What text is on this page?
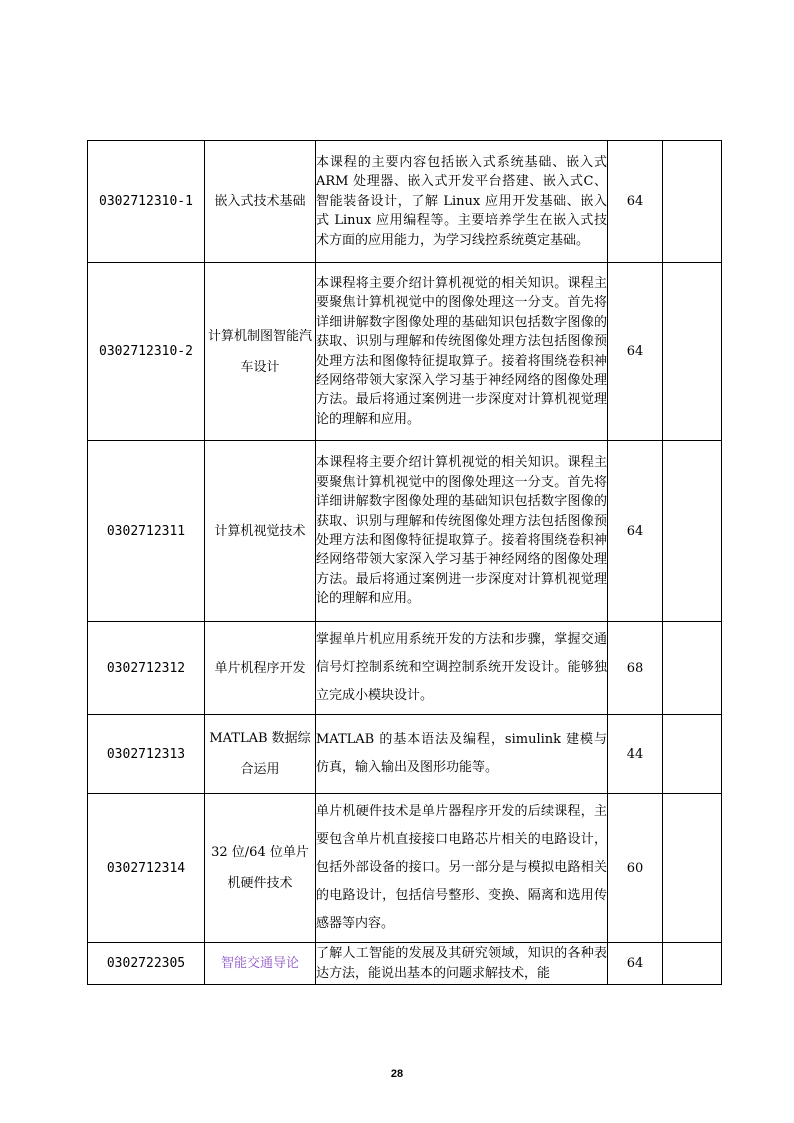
0302712310-1	嵌入式技术基础	本课程的主要内容包括嵌入式系统基础、嵌入式 ARM 处理器、嵌入式开发平台搭建、嵌入式C、智能装备设计，了解 Linux 应用开发基础、嵌入式 Linux 应用编程等。主要培养学生在嵌入式技术方面的应用能力，为学习线控系统奠定基础。	64	
0302712310-2	计算机制图智能汽车设计	本课程将主要介绍计算机视觉的相关知识。课程主要聚焦计算机视觉中的图像处理这一分支。首先将详细讲解数字图像处理的基础知识包括数字图像的获取、识别与理解和传统图像处理方法包括图像预处理方法和图像特征提取算子。接着将围绕卷积神经网络带领大家深入学习基于神经网络的图像处理方法。最后将通过案例进一步深度对计算机视觉理论的理解和应用。	64	
0302712311	计算机视觉技术	本课程将主要介绍计算机视觉的相关知识。课程主要聚焦计算机视觉中的图像处理这一分支。首先将详细讲解数字图像处理的基础知识包括数字图像的获取、识别与理解和传统图像处理方法包括图像预处理方法和图像特征提取算子。接着将围绕卷积神经网络带领大家深入学习基于神经网络的图像处理方法。最后将通过案例进一步深度对计算机视觉理论的理解和应用。	64	
0302712312	单片机程序开发	掌握单片机应用系统开发的方法和步骤，掌握交通信号灯控制系统和空调控制系统开发设计。能够独立完成小模块设计。	68	
0302712313	MATLAB 数据综合运用	MATLAB 的基本语法及编程，simulink 建模与仿真，输入输出及图形功能等。	44	
0302712314	32 位/64 位单片机硬件技术	单片机硬件技术是单片器程序开发的后续课程，主要包含单片机直接接口电路芯片相关的电路设计，包括外部设备的接口。另一部分是与模拟电路相关的电路设计，包括信号整形、变换、隔离和选用传感器等内容。	60	
0302722305	智能交通导论	了解人工智能的发展及其研究领域，知识的各种表达方法，能说出基本的问题求解技术，能	64	
28
